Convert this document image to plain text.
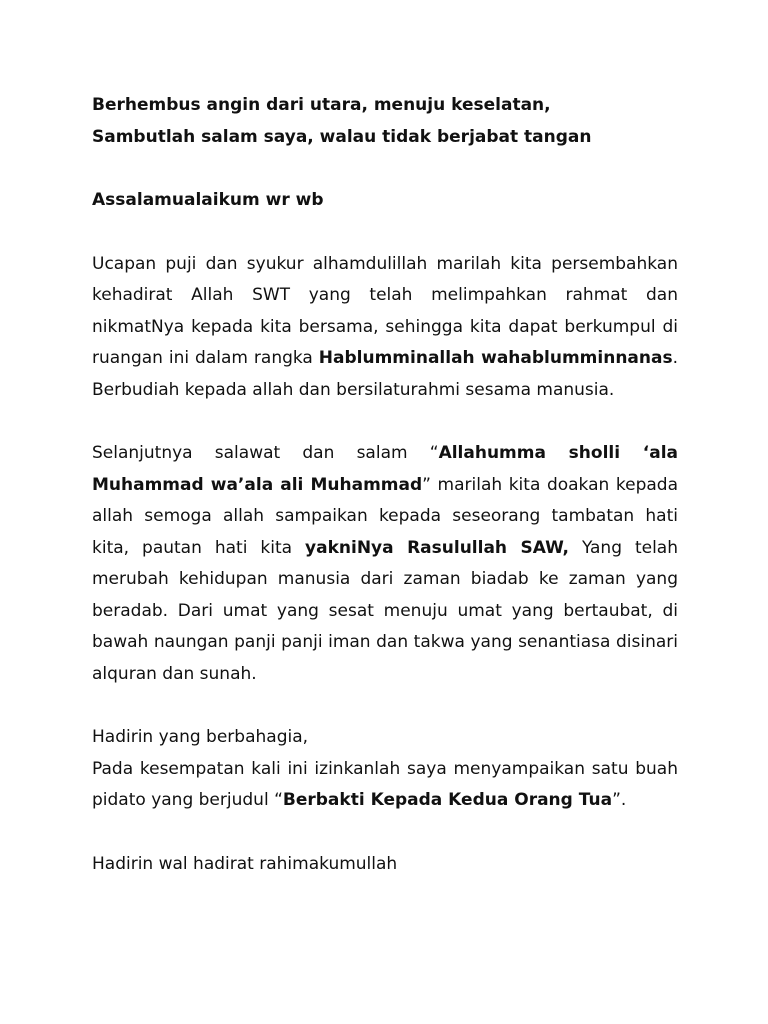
Berhembus angin dari utara, menuju keselatan,
Sambutlah salam saya, walau tidak berjabat tangan
Assalamualaikum wr wb

Ucapan puji dan syukur alhamdulillah marilah kita persembahkan kehadirat Allah SWT yang telah melimpahkan rahmat dan nikmatNya kepada kita bersama, sehingga kita dapat berkumpul di ruangan ini dalam rangka Hablumminallah wahablumminnanas. Berbudiah kepada allah dan bersilaturahmi sesama manusia.

Selanjutnya salawat dan salam “Allahumma sholli ‘ala Muhammad wa’ala ali Muhammad” marilah kita doakan kepada allah semoga allah sampaikan kepada seseorang tambatan hati kita, pautan hati kita yakniNya Rasulullah SAW, Yang telah merubah kehidupan manusia dari zaman biadab ke zaman yang beradab. Dari umat yang sesat menuju umat yang bertaubat, di bawah naungan panji panji iman dan takwa yang senantiasa disinari alquran dan sunah.

Hadirin yang berbahagia,

Pada kesempatan kali ini izinkanlah saya menyampaikan satu buah pidato yang berjudul “Berbakti Kepada Kedua Orang Tua”.

Hadirin wal hadirat rahimakumullah
